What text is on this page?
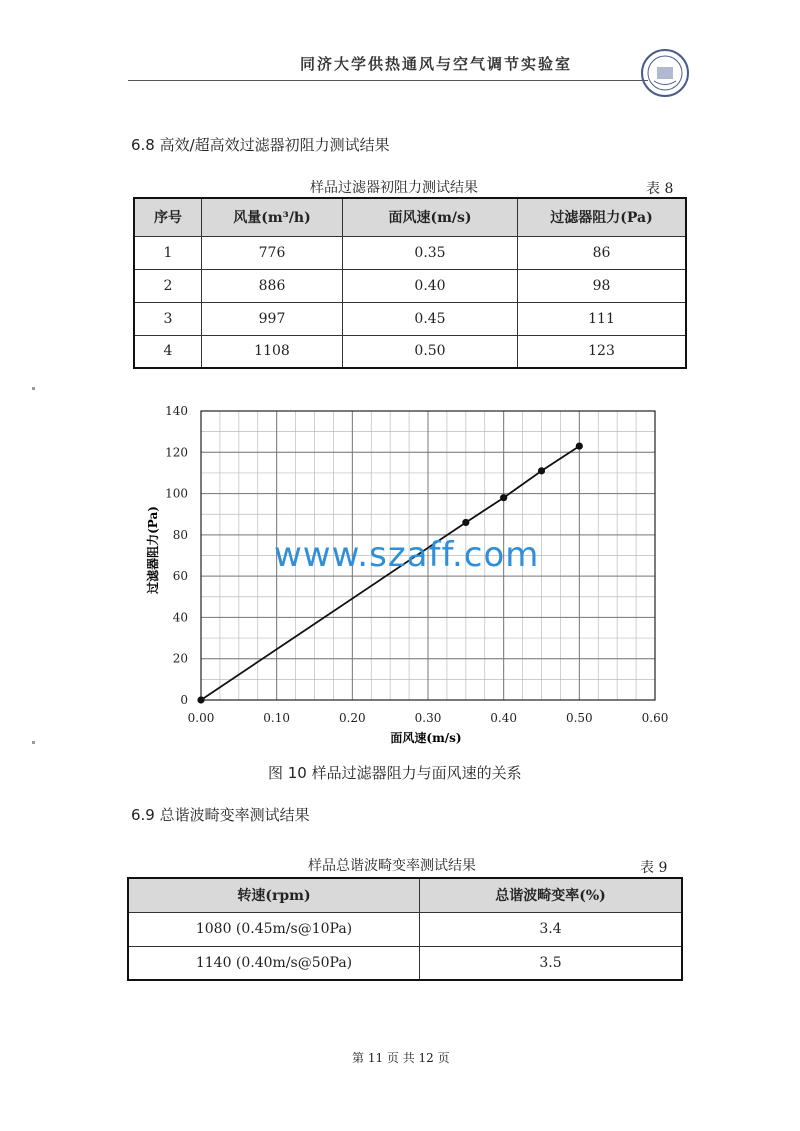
同济大学供热通风与空气调节实验室
6.8 高效/超高效过滤器初阻力测试结果
样品过滤器初阻力测试结果	表 8
序号	风量(m³/h)	面风速(m/s)	过滤器阻力(Pa)
1	776	0.35	86
2	886	0.40	98
3	997	0.45	111
4	1108	0.50	123
0.00	0.10	0.20	0.30	0.40	0.50	0.60
0
20
40
60
80
100
120
140
面风速(m/s)
过滤器阻力(Pa)	www.szaff.com
图 10 样品过滤器阻力与面风速的关系
6.9 总谐波畸变率测试结果
样品总谐波畸变率测试结果	表 9
转速(rpm)	总谐波畸变率(%)
1080 (0.45m/s@10Pa)	3.4
1140 (0.40m/s@50Pa)	3.5
第 11 页 共 12 页
